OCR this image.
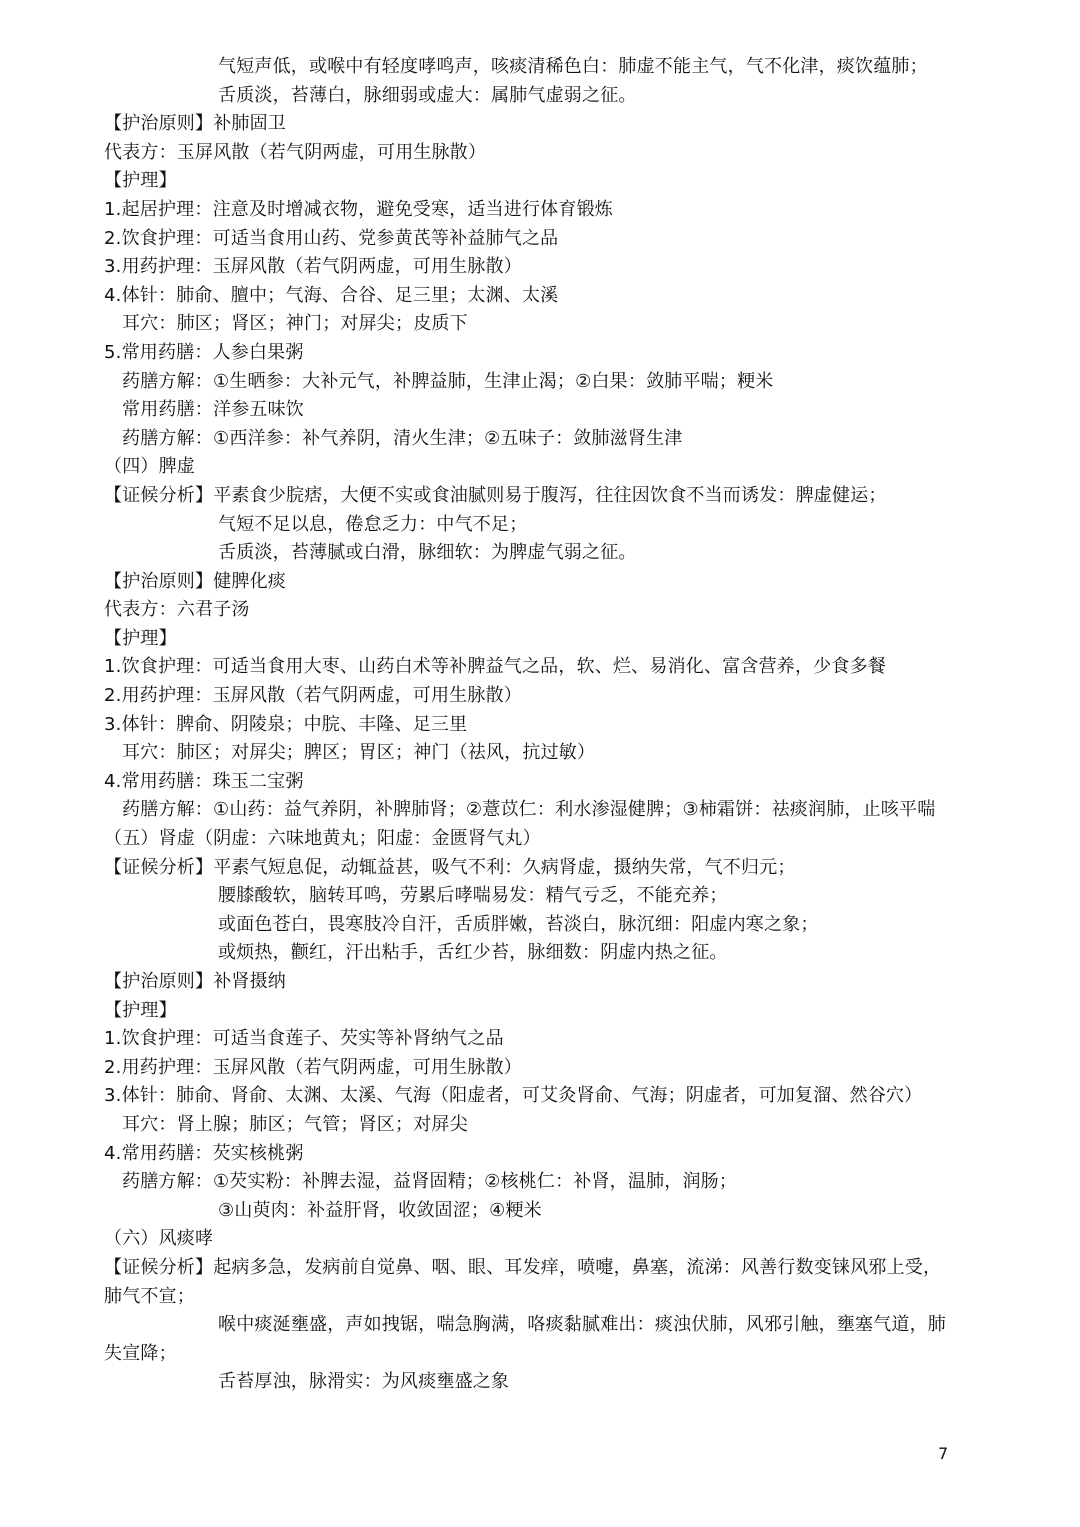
气短声低，或喉中有轻度哮鸣声，咳痰清稀色白：肺虚不能主气，气不化津，痰饮蕴肺；
舌质淡，苔薄白，脉细弱或虚大：属肺气虚弱之征。
【护治原则】补肺固卫
代表方：玉屏风散（若气阴两虚，可用生脉散）
【护理】
1.起居护理：注意及时增减衣物，避免受寒，适当进行体育锻炼
2.饮食护理：可适当食用山药、党参黄芪等补益肺气之品
3.用药护理：玉屏风散（若气阴两虚，可用生脉散）
4.体针：肺俞、膻中；气海、合谷、足三里；太渊、太溪
耳穴：肺区；肾区；神门；对屏尖；皮质下
5.常用药膳：人参白果粥
药膳方解：①生晒参：大补元气，补脾益肺，生津止渴；②白果：敛肺平喘；粳米
常用药膳：洋参五味饮
药膳方解：①西洋参：补气养阴，清火生津；②五味子：敛肺滋肾生津
（四）脾虚
【证候分析】平素食少脘痞，大便不实或食油腻则易于腹泻，往往因饮食不当而诱发：脾虚健运；
气短不足以息，倦怠乏力：中气不足；
舌质淡，苔薄腻或白滑，脉细软：为脾虚气弱之征。
【护治原则】健脾化痰
代表方：六君子汤
【护理】
1.饮食护理：可适当食用大枣、山药白术等补脾益气之品，软、烂、易消化、富含营养，少食多餐
2.用药护理：玉屏风散（若气阴两虚，可用生脉散）
3.体针：脾俞、阴陵泉；中脘、丰隆、足三里
耳穴：肺区；对屏尖；脾区；胃区；神门（祛风，抗过敏）
4.常用药膳：珠玉二宝粥
药膳方解：①山药：益气养阴，补脾肺肾；②薏苡仁：利水渗湿健脾；③柿霜饼：祛痰润肺，止咳平喘
（五）肾虚（阴虚：六味地黄丸；阳虚：金匮肾气丸）
【证候分析】平素气短息促，动辄益甚，吸气不利：久病肾虚，摄纳失常，气不归元；
腰膝酸软，脑转耳鸣，劳累后哮喘易发：精气亏乏，不能充养；
或面色苍白，畏寒肢冷自汗，舌质胖嫩，苔淡白，脉沉细：阳虚内寒之象；
或烦热，颧红，汗出粘手，舌红少苔，脉细数：阴虚内热之征。
【护治原则】补肾摄纳
【护理】
1.饮食护理：可适当食莲子、芡实等补肾纳气之品
2.用药护理：玉屏风散（若气阴两虚，可用生脉散）
3.体针：肺俞、肾俞、太渊、太溪、气海（阳虚者，可艾灸肾俞、气海；阴虚者，可加复溜、然谷穴）
耳穴：肾上腺；肺区；气管；肾区；对屏尖
4.常用药膳：芡实核桃粥
药膳方解：①芡实粉：补脾去湿，益肾固精；②核桃仁：补肾，温肺，润肠；
③山萸肉：补益肝肾，收敛固涩；④粳米
（六）风痰哮
【证候分析】起病多急，发病前自觉鼻、咽、眼、耳发痒，喷嚏，鼻塞，流涕：风善行数变铼风邪上受，
肺气不宣；
喉中痰涎壅盛，声如拽锯，喘急胸满，咯痰黏腻难出：痰浊伏肺，风邪引触，壅塞气道，肺
失宣降；
舌苔厚浊，脉滑实：为风痰壅盛之象
7
